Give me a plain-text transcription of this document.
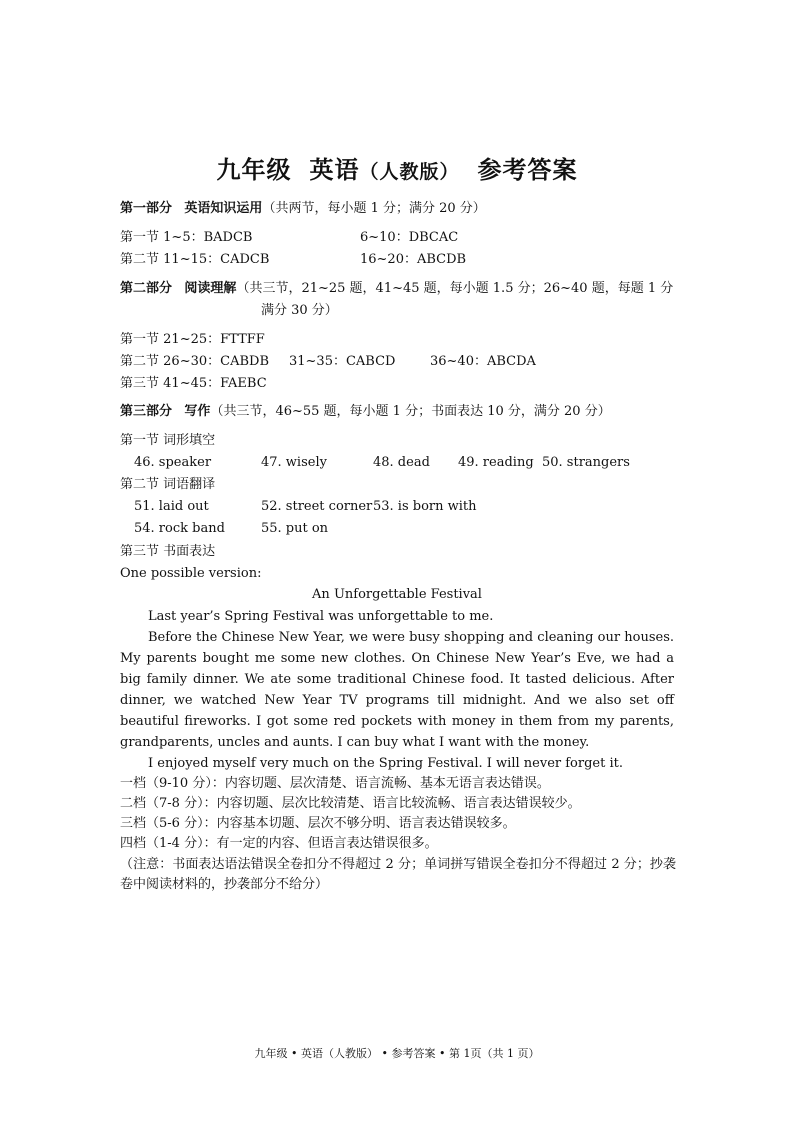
九年级 英语（人教版） 参考答案
第一部分 英语知识运用（共两节，每小题 1 分；满分 20 分）
第一节 1~5：BADCB	6~10：DBCAC
第二节 11~15：CADCB	16~20：ABCDB
第二部分 阅读理解（共三节，21~25 题，41~45 题，每小题 1.5 分；26~40 题，每题 1 分
满分 30 分）
第一节 21~25：FTTFF
第二节 26~30：CABDB 31~35：CABCD	36~40：ABCDA
第三节 41~45：FAEBC
第三部分 写作（共三节，46~55 题，每小题 1 分；书面表达 10 分，满分 20 分）
第一节 词形填空
46. speaker	47. wisely	48. dead 49. reading 50. strangers
第二节 词语翻译
51. laid out	52. street corner 53. is born with
54. rock band	55. put on
第三节 书面表达
One possible version:
An Unforgettable Festival
Last year’s Spring Festival was unforgettable to me.
Before the Chinese New Year, we were busy shopping and cleaning our houses. My parents bought me some new clothes. On Chinese New Year’s Eve, we had a big family dinner. We ate some traditional Chinese food. It tasted delicious. After dinner, we watched New Year TV programs till midnight. And we also set off beautiful fireworks. I got some red pockets with money in them from my parents, grandparents, uncles and aunts. I can buy what I want with the money.
I enjoyed myself very much on the Spring Festival. I will never forget it.
一档（9-10 分）：内容切题、层次清楚、语言流畅、基本无语言表达错误。
二档（7-8 分）：内容切题、层次比较清楚、语言比较流畅、语言表达错误较少。
三档（5-6 分）：内容基本切题、层次不够分明、语言表达错误较多。
四档（1-4 分）：有一定的内容、但语言表达错误很多。
（注意：书面表达语法错误全卷扣分不得超过 2 分；单词拼写错误全卷扣分不得超过 2 分；抄袭卷中阅读材料的，抄袭部分不给分）
九年级 • 英语（人教版） • 参考答案 • 第 1页（共 1 页）
